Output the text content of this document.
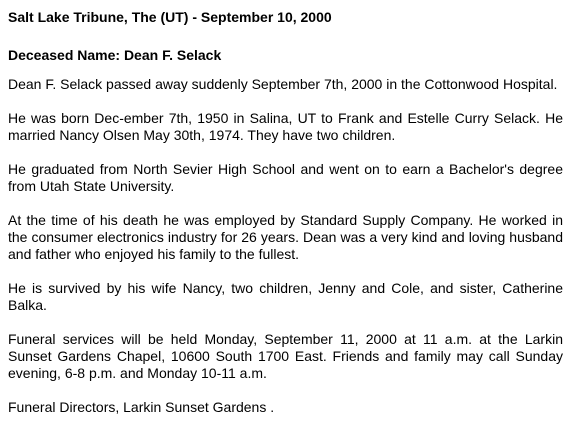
Salt Lake Tribune, The (UT) - September 10, 2000
Deceased Name: Dean F. Selack

Dean F. Selack passed away suddenly September 7th, 2000 in the Cottonwood Hospital.

He was born Dec-ember 7th, 1950 in Salina, UT to Frank and Estelle Curry Selack. He married Nancy Olsen May 30th, 1974. They have two children.

He graduated from North Sevier High School and went on to earn a Bachelor's degree from Utah State University.

At the time of his death he was employed by Standard Supply Company. He worked in the consumer electronics industry for 26 years. Dean was a very kind and loving husband and father who enjoyed his family to the fullest.

He is survived by his wife Nancy, two children, Jenny and Cole, and sister, Catherine Balka.

Funeral services will be held Monday, September 11, 2000 at 11 a.m. at the Larkin Sunset Gardens Chapel, 10600 South 1700 East. Friends and family may call Sunday evening, 6-8 p.m. and Monday 10-11 a.m.

Funeral Directors, Larkin Sunset Gardens .
